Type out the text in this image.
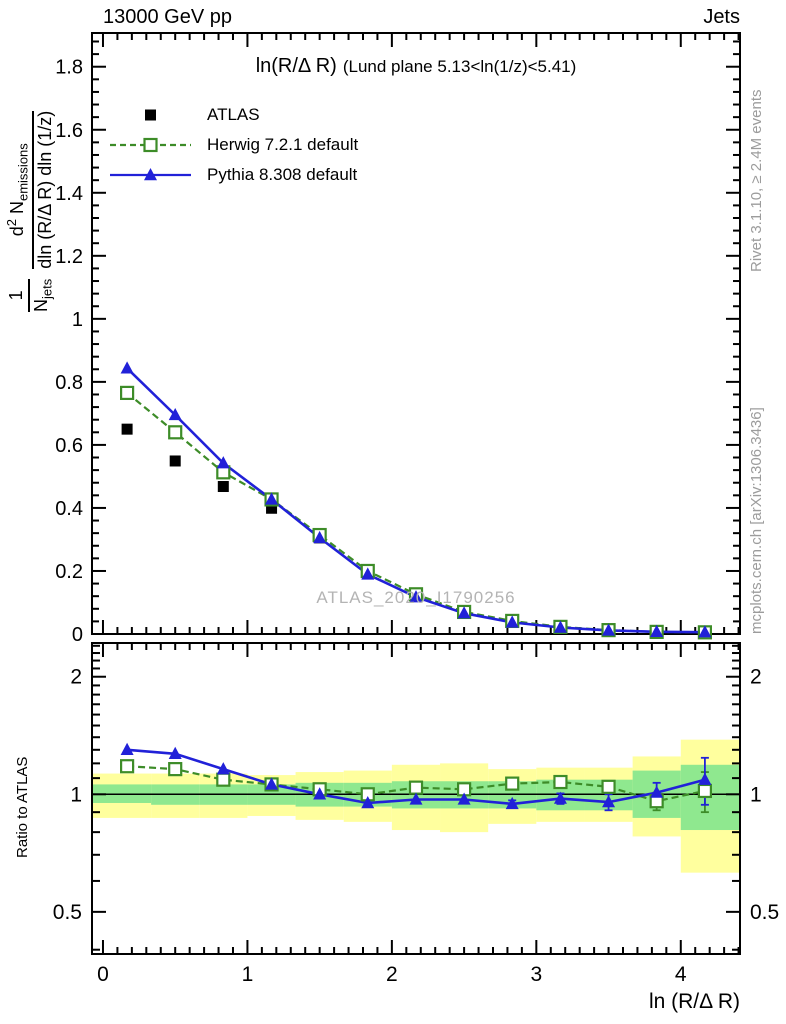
0
0.2
0.4
0.6
0.8
1
1.2
1.4
1.6
1.8
0.5	0.5
1	1
2	2
0	1	2	3	4
13000 GeV pp	Jets
ln(R/Δ R) (Lund plane 5.13<ln(1/z)<5.41)
ATLAS
Herwig 7.2.1 default
Pythia 8.308 default
1
$N_{jets}$
$d^2$ $N_{emissions}$ dln (R/Δ R) dln (1/z)
Ratio to ATLAS
Rivet 3.1.10, ≥ 2.4M events
mcplots.cern.ch [arXiv:1306.3436]
ATLAS_2020_I1790256
ln (R/Δ R)
